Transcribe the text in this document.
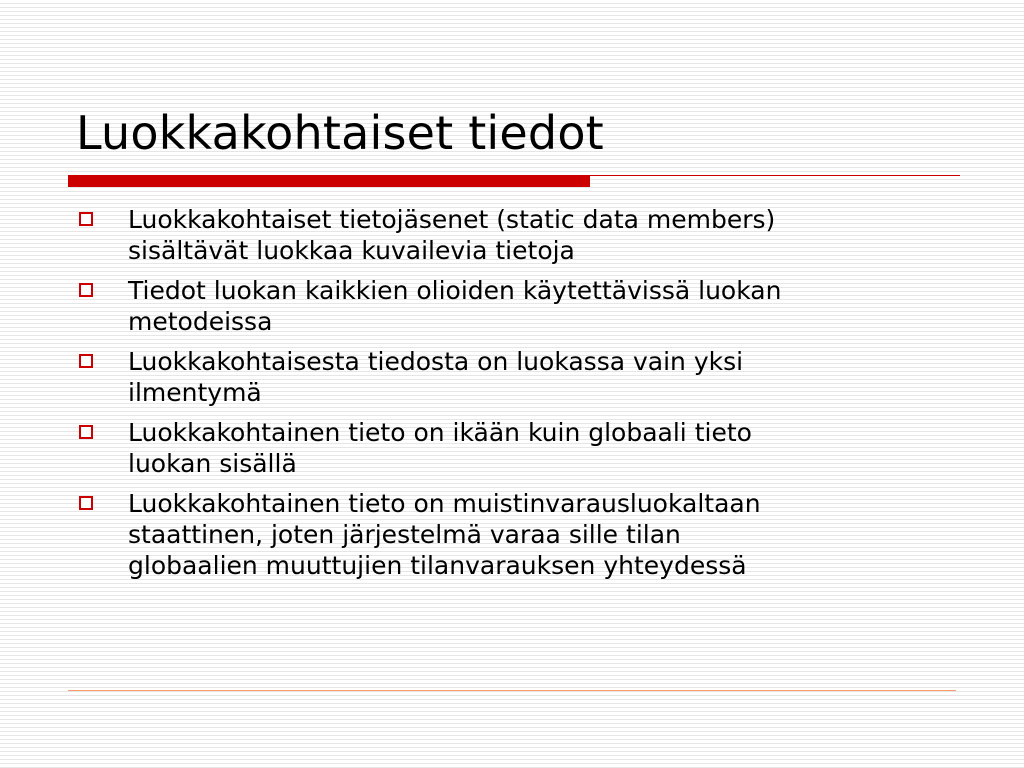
Luokkakohtaiset tiedot
Luokkakohtaiset tietojäsenet (static data members)
sisältävät luokkaa kuvailevia tietoja
Tiedot luokan kaikkien olioiden käytettävissä luokan
metodeissa
Luokkakohtaisesta tiedosta on luokassa vain yksi
ilmentymä
Luokkakohtainen tieto on ikään kuin globaali tieto
luokan sisällä
Luokkakohtainen tieto on muistinvarausluokaltaan
staattinen, joten järjestelmä varaa sille tilan
globaalien muuttujien tilanvarauksen yhteydessä
